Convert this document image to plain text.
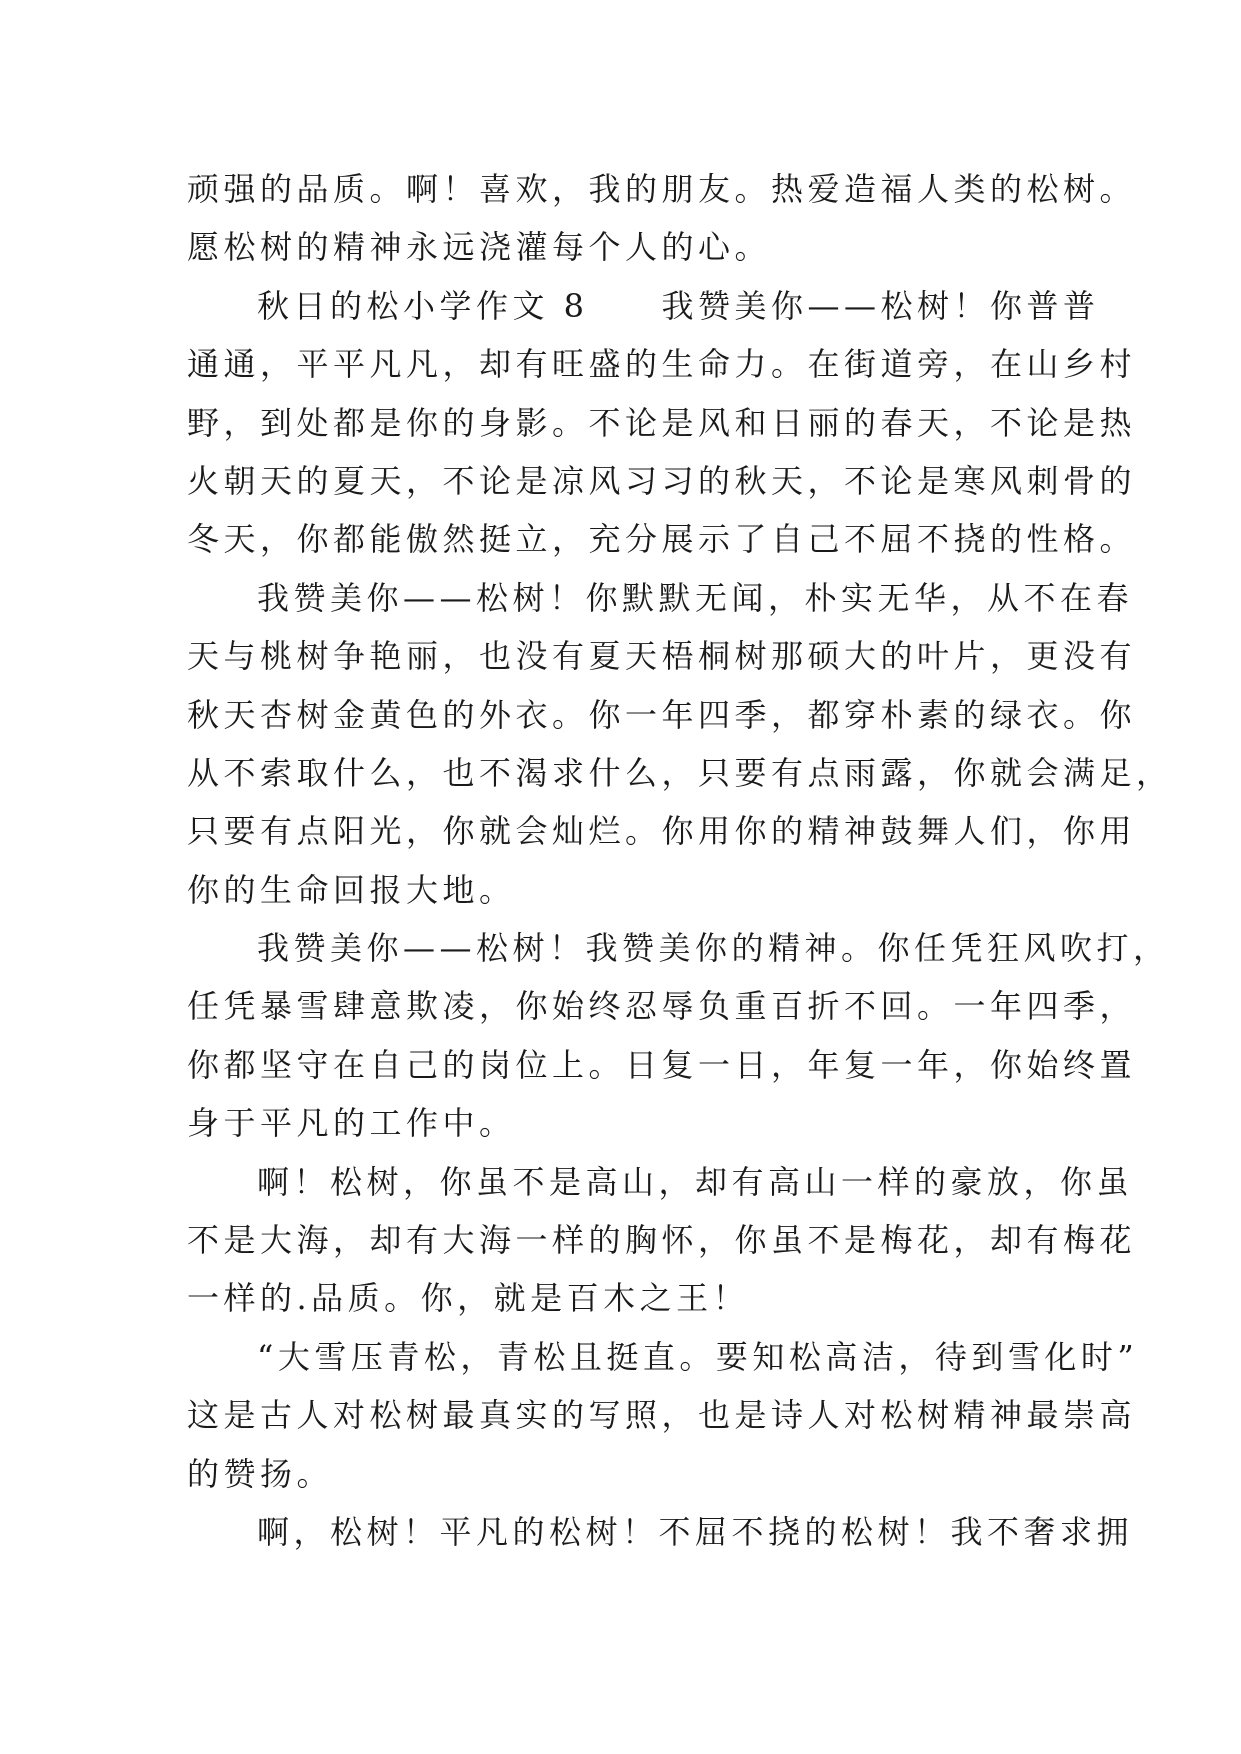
顽强的品质。啊！喜欢，我的朋友。热爱造福人类的松树。
愿松树的精神永远浇灌每个人的心。
秋日的松小学作文 8　　我赞美你——松树！你普普
通通，平平凡凡，却有旺盛的生命力。在街道旁，在山乡村
野，到处都是你的身影。不论是风和日丽的春天，不论是热
火朝天的夏天，不论是凉风习习的秋天，不论是寒风刺骨的
冬天，你都能傲然挺立，充分展示了自己不屈不挠的性格。
我赞美你——松树！你默默无闻，朴实无华，从不在春
天与桃树争艳丽，也没有夏天梧桐树那硕大的叶片，更没有
秋天杏树金黄色的外衣。你一年四季，都穿朴素的绿衣。你
从不索取什么，也不渴求什么，只要有点雨露，你就会满足，
只要有点阳光，你就会灿烂。你用你的精神鼓舞人们，你用
你的生命回报大地。
我赞美你——松树！我赞美你的精神。你任凭狂风吹打，
任凭暴雪肆意欺凌，你始终忍辱负重百折不回。一年四季，
你都坚守在自己的岗位上。日复一日，年复一年，你始终置
身于平凡的工作中。
啊！松树，你虽不是高山，却有高山一样的豪放，你虽
不是大海，却有大海一样的胸怀，你虽不是梅花，却有梅花
一样的.品质。你，就是百木之王！
“大雪压青松，青松且挺直。要知松高洁，待到雪化时”
这是古人对松树最真实的写照，也是诗人对松树精神最崇高
的赞扬。
啊，松树！平凡的松树！不屈不挠的松树！我不奢求拥
